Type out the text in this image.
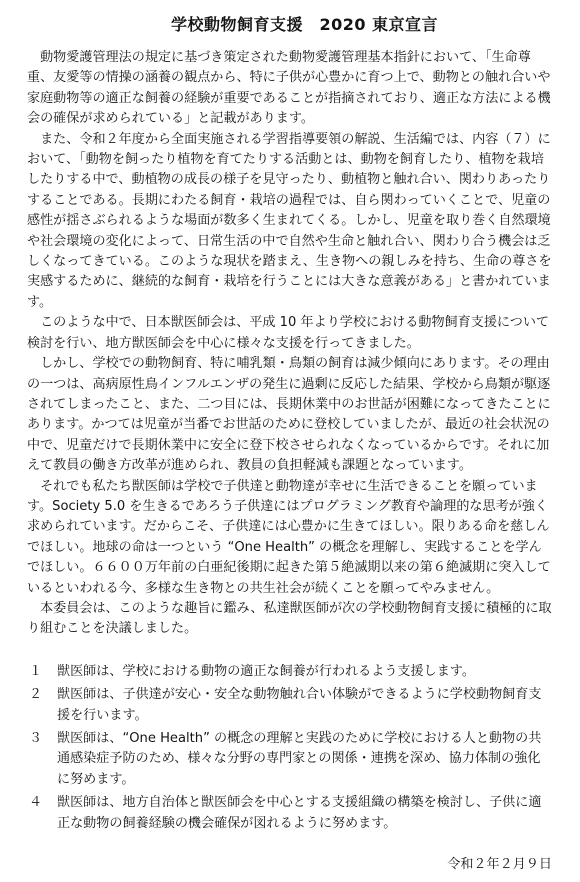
学校動物飼育支援　2020 東京宣言

動物愛護管理法の規定に基づき策定された動物愛護管理基本指針において、「生命尊重、友愛等の情操の涵養の観点から、特に子供が心豊かに育つ上で、動物との触れ合いや家庭動物等の適正な飼養の経験が重要であることが指摘されており、適正な方法による機会の確保が求められている」と記載があります。

また、令和２年度から全面実施される学習指導要領の解説、生活編では、内容（７）において、「動物を飼ったり植物を育てたりする活動とは、動物を飼育したり、植物を栽培したりする中で、動植物の成長の様子を見守ったり、動植物と触れ合い、関わりあったりすることである。長期にわたる飼育・栽培の過程では、自ら関わっていくことで、児童の感性が揺さぶられるような場面が数多く生まれてくる。しかし、児童を取り巻く自然環境や社会環境の変化によって、日常生活の中で自然や生命と触れ合い、関わり合う機会は乏しくなってきている。このような現状を踏まえ、生き物への親しみを持ち、生命の尊さを実感するために、継続的な飼育・栽培を行うことには大きな意義がある」と書かれています。

このような中で、日本獣医師会は、平成 10 年より学校における動物飼育支援について検討を行い、地方獣医師会を中心に様々な支援を行ってきました。

しかし、学校での動物飼育、特に哺乳類・鳥類の飼育は減少傾向にあります。その理由の一つは、高病原性鳥インフルエンザの発生に過剰に反応した結果、学校から鳥類が駆逐されてしまったこと、また、二つ目には、長期休業中のお世話が困難になってきたことにあります。かつては児童が当番でお世話のために登校していましたが、最近の社会状況の中で、児童だけで長期休業中に安全に登下校させられなくなっているからです。それに加えて教員の働き方改革が進められ、教員の負担軽減も課題となっています。

それでも私たち獣医師は学校で子供達と動物達が幸せに生活できることを願っています。Society 5.0 を生きるであろう子供達にはプログラミング教育や論理的な思考が強く求められています。だからこそ、子供達には心豊かに生きてほしい。限りある命を慈しんでほしい。地球の命は一つという “One Health” の概念を理解し、実践することを学んでほしい。６６００万年前の白亜紀後期に起きた第５絶滅期以来の第６絶滅期に突入しているといわれる今、多様な生き物との共生社会が続くことを願ってやみません。

本委員会は、このような趣旨に鑑み、私達獣医師が次の学校動物飼育支援に積極的に取り組むことを決議しました。

１	獣医師は、学校における動物の適正な飼養が行われるよう支援します。
２	獣医師は、子供達が安心・安全な動物触れ合い体験ができるように学校動物飼育支援を行います。
３	獣医師は、“One Health” の概念の理解と実践のために学校における人と動物の共通感染症予防のため、様々な分野の専門家との関係・連携を深め、協力体制の強化に努めます。
４	獣医師は、地方自治体と獣医師会を中心とする支援組織の構築を検討し、子供に適正な動物の飼養経験の機会確保が図れるように努めます。
令和２年２月９日
